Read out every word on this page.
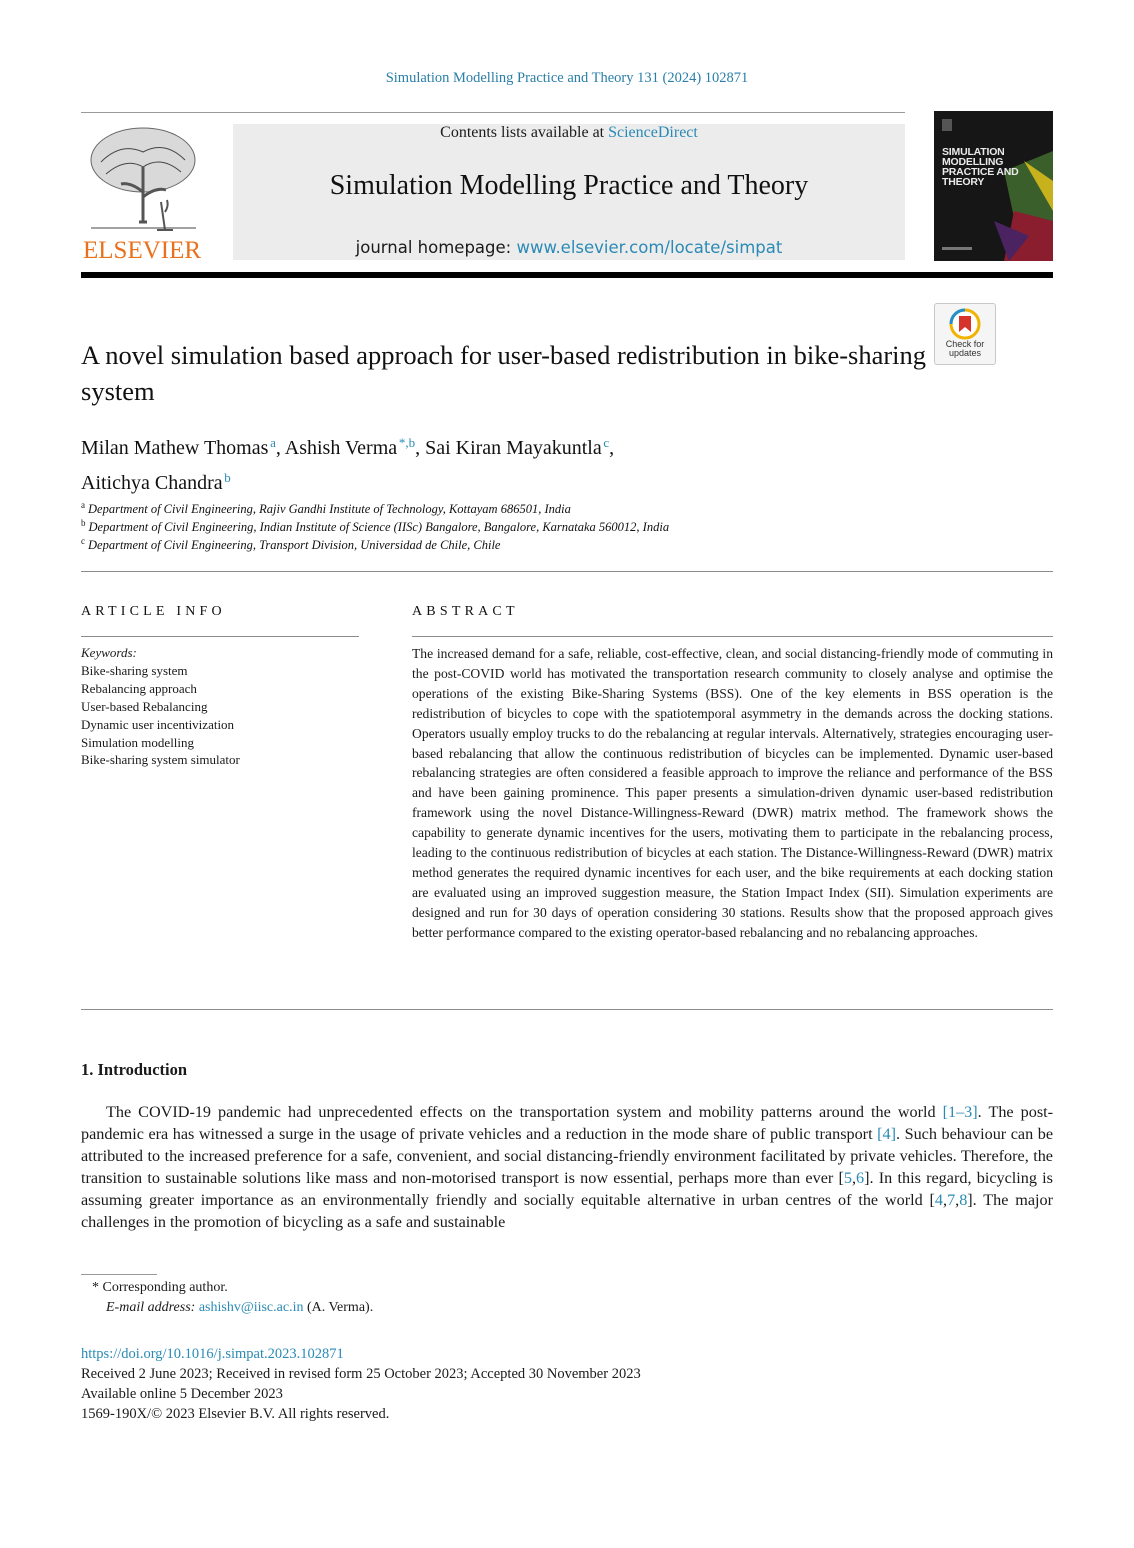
Simulation Modelling Practice and Theory 131 (2024) 102871
ELSEVIER
Contents lists available at ScienceDirect
Simulation Modelling Practice and Theory
journal homepage: www.elsevier.com/locate/simpat
SIMULATION MODELLING PRACTICE AND THEORY
Check for updates
A novel simulation based approach for user-based redistribution in bike-sharing system
Milan Mathew Thomas  $^a$, Ashish Verma  $^{*,b}$, Sai Kiran Mayakuntla  $^c$,
Aitichya Chandra  $^b$
$^a$ Department of Civil Engineering, Rajiv Gandhi Institute of Technology, Kottayam 686501, India
$^b$ Department of Civil Engineering, Indian Institute of Science (IISc) Bangalore, Bangalore, Karnataka 560012, India
$^c$ Department of Civil Engineering, Transport Division, Universidad de Chile, Chile
ARTICLE INFO	ABSTRACT
Keywords:
Bike-sharing system
Rebalancing approach
User-based Rebalancing
Dynamic user incentivization
Simulation modelling
Bike-sharing system simulator
The increased demand for a safe, reliable, cost-effective, clean, and social distancing-friendly mode of commuting in the post-COVID world has motivated the transportation research community to closely analyse and optimise the operations of the existing Bike-Sharing Systems (BSS). One of the key elements in BSS operation is the redistribution of bicycles to cope with the spatiotemporal asymmetry in the demands across the docking stations. Operators usually employ trucks to do the rebalancing at regular intervals. Alternatively, strategies encouraging user-based rebalancing that allow the continuous redistribution of bicycles can be implemented. Dynamic user-based rebalancing strategies are often considered a feasible approach to improve the reliance and performance of the BSS and have been gaining prominence. This paper presents a simulation-driven dynamic user-based redistribution framework using the novel Distance-Willingness-Reward (DWR) matrix method. The framework shows the capability to generate dynamic incentives for the users, motivating them to participate in the rebalancing process, leading to the continuous redistribution of bicycles at each station. The Distance-Willingness-Reward (DWR) matrix method generates the required dynamic incentives for each user, and the bike requirements at each docking station are evaluated using an improved suggestion measure, the Station Impact Index (SII). Simulation experiments are designed and run for 30 days of operation considering 30 stations. Results show that the proposed approach gives better performance compared to the existing operator-based rebalancing and no rebalancing approaches.
1. Introduction
The COVID-19 pandemic had unprecedented effects on the transportation system and mobility patterns around the world [1–3]. The post-pandemic era has witnessed a surge in the usage of private vehicles and a reduction in the mode share of public transport [4]. Such behaviour can be attributed to the increased preference for a safe, convenient, and social distancing-friendly environment facilitated by private vehicles. Therefore, the transition to sustainable solutions like mass and non-motorised transport is now essential, perhaps more than ever [5,6]. In this regard, bicycling is assuming greater importance as an environmentally friendly and socially equitable alternative in urban centres of the world [4,7,8]. The major challenges in the promotion of bicycling as a safe and sustainable
* Corresponding author.
E-mail address: ashishv@iisc.ac.in (A. Verma).
https://doi.org/10.1016/j.simpat.2023.102871
Received 2 June 2023; Received in revised form 25 October 2023; Accepted 30 November 2023
Available online 5 December 2023
1569-190X/© 2023 Elsevier B.V. All rights reserved.
